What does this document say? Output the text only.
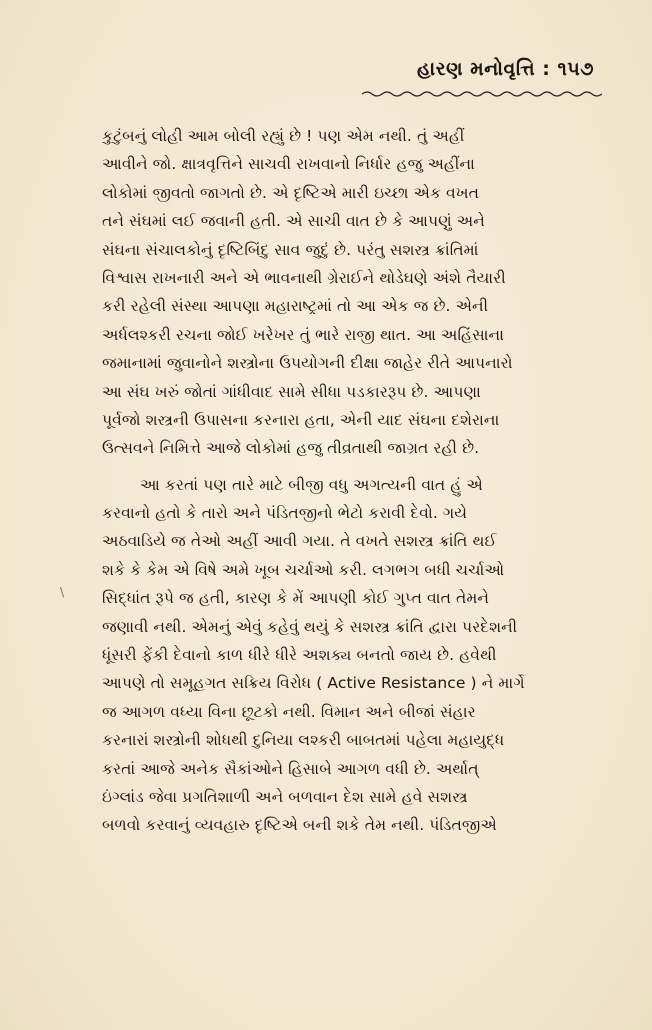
હારણ મનોવૃત્તિ : ૧૫૭
\
કુટુંબનું લોહી આમ બોલી રહ્યું છે ! પણ એમ નથી. તું અહીં
આવીને જો. ક્ષાત્રવૃત્તિને સાચવી રાખવાનો નિર્ધાર હજુ અહીંના
લોકોમાં જીવતો જાગતો છે. એ દૃષ્ટિએ મારી ઇચ્છા એક વખત
તને સંઘમાં લઈ જવાની હતી. એ સાચી વાત છે કે આપણું અને
સંઘના સંચાલકોનું દૃષ્ટિબિંદુ સાવ જુદું છે. પરંતુ સશસ્ત્ર ક્રાંતિમાં
વિશ્વાસ રાખનારી અને એ ભાવનાથી ગ્રેરાઈને થોડેઘણે અંશે તૈયારી
કરી રહેલી સંસ્થા આપણા મહારાષ્ટ્રમાં તો આ એક જ છે. એની
અર્ધલશ્કરી રચના જોઈ ખરેખર તું ભારે રાજી થાત. આ અહિંસાના
જમાનામાં જુવાનોને શસ્ત્રોના ઉપયોગની દીક્ષા જાહેર રીતે આપનારો
આ સંઘ ખરું જોતાં ગાંધીવાદ સામે સીધા પડકારરૂપ છે. આપણા
પૂર્વજો શસ્ત્રની ઉપાસના કરનારા હતા, એની યાદ સંઘના દશેરાના
ઉત્સવને નિમિત્તે આજે લોકોમાં હજુ તીવ્રતાથી જાગ્રત રહી છે.
આ કરતાં પણ તારે માટે બીજી વધુ અગત્યની વાત હું એ
કરવાનો હતો કે તારો અને પંડિતજીનો ભેટો કરાવી દેવો. ગયે
અઠવાડિયે જ તેઓ અહીં આવી ગયા. તે વખતે સશસ્ત્ર ક્રાંતિ થઈ
શકે કે કેમ એ વિષે અમે ખૂબ ચર્ચાઓ કરી. લગભગ બધી ચર્ચાઓ
સિદ્ધાંત રૂપે જ હતી, કારણ કે મેં આપણી કોઈ ગુપ્ત વાત તેમને
જણાવી નથી. એમનું એવું કહેવું થયું કે સશસ્ત્ર ક્રાંતિ દ્વારા પરદેશની
ધૂંસરી ફેંકી દેવાનો કાળ ધીરે ધીરે અશક્ય બનતો જાય છે. હવેથી
આપણે તો સમૂહગત સક્રિય વિરોધ ( Active Resistance ) ને માર્ગે
જ આગળ વધ્યા વિના છૂટકો નથી. વિમાન અને બીજાં સંહાર
કરનારાં શસ્ત્રોની શોધથી દુનિયા લશ્કરી બાબતમાં પહેલા મહાયુદ્ધ
કરતાં આજે અનેક સૈકાંઓને હિસાબે આગળ વધી છે. અર્થાત્
ઇંગ્લાંડ જેવા પ્રગતિશાળી અને બળવાન દેશ સામે હવે સશસ્ત્ર
બળવો કરવાનું વ્યવહારુ દૃષ્ટિએ બની શકે તેમ નથી. પંડિતજીએ
